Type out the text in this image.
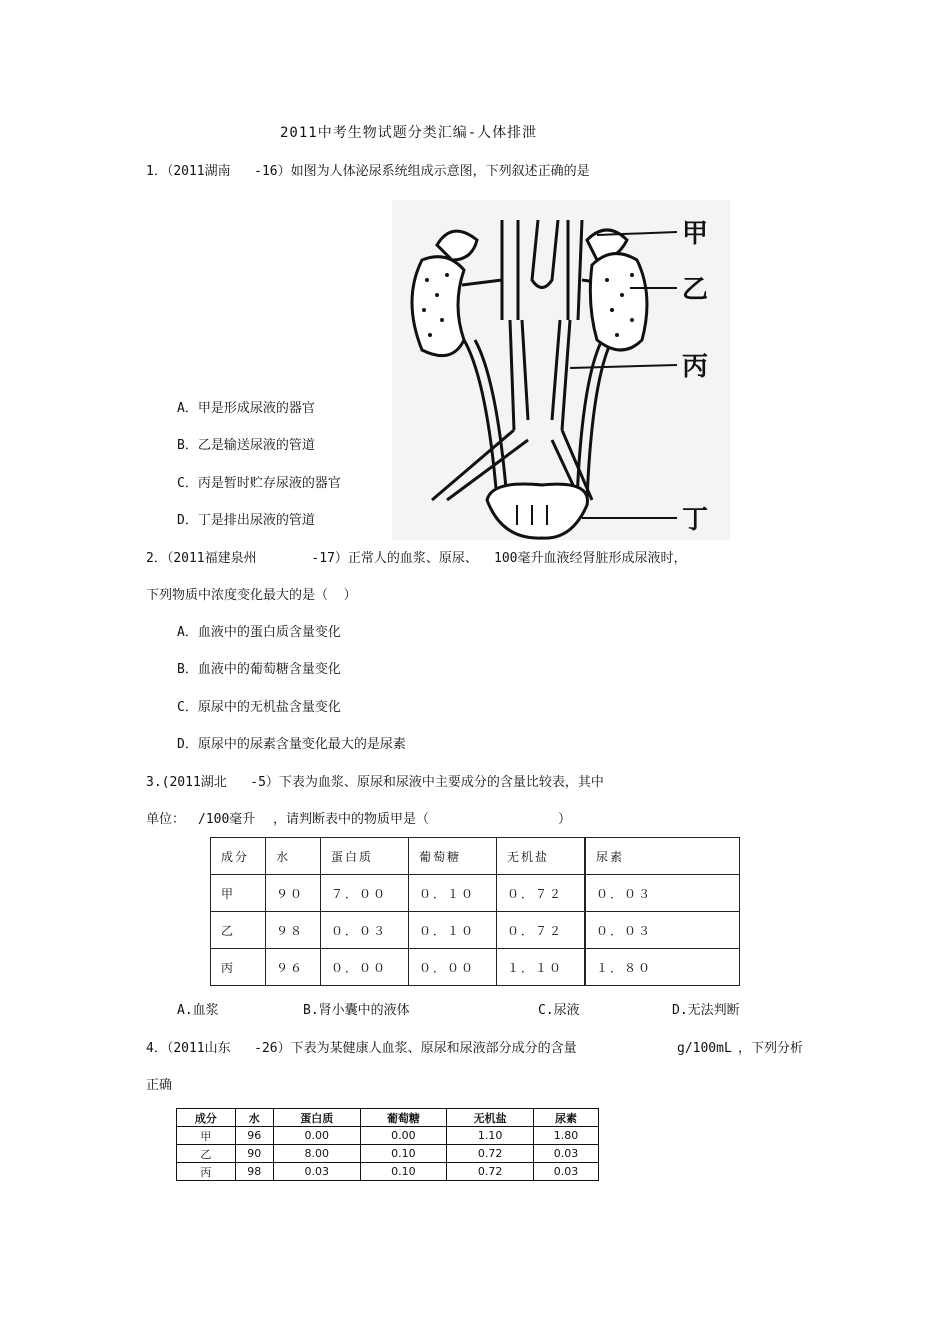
2011中考生物试题分类汇编-人体排泄
1．（2011湖南   -16）如图为人体泌尿系统组成示意图，下列叙述正确的是
甲
乙
丙
丁
A．甲是形成尿液的器官
B．乙是输送尿液的管道
C．丙是暂时贮存尿液的器官
D．丁是排出尿液的管道
2．（2011福建泉州       -17）正常人的血浆、原尿、 100毫升血液经肾脏形成尿液时，
下列物质中浓度变化最大的是（  ）
A．血液中的蛋白质含量变化
B．血液中的葡萄糖含量变化
C．原尿中的无机盐含量变化
D．原尿中的尿素含量变化最大的是尿素
3.(2011湖北   -5）下表为血浆、原尿和尿液中主要成分的含量比较表，其中
单位： /100毫升 ，请判断表中的物质甲是（	）
成分	水	蛋白质	葡萄糖	无机盐	尿素
甲	９０	７．００	０．１０	０．７２	０．０３
乙	９８	０．０３	０．１０	０．７２	０．０３
丙	９６	０．００	０．００	１．１０	１．８０
A.血浆	B.肾小囊中的液体	C.尿液	D.无法判断
4．（2011山东   -26）下表为某健康人血浆、原尿和尿液部分成分的含量	g/100mL ，下列分析
正确
成分	水	蛋白质	葡萄糖	无机盐	尿素
甲	96	0.00	0.00	1.10	1.80
乙	90	8.00	0.10	0.72	0.03
丙	98	0.03	0.10	0.72	0.03
